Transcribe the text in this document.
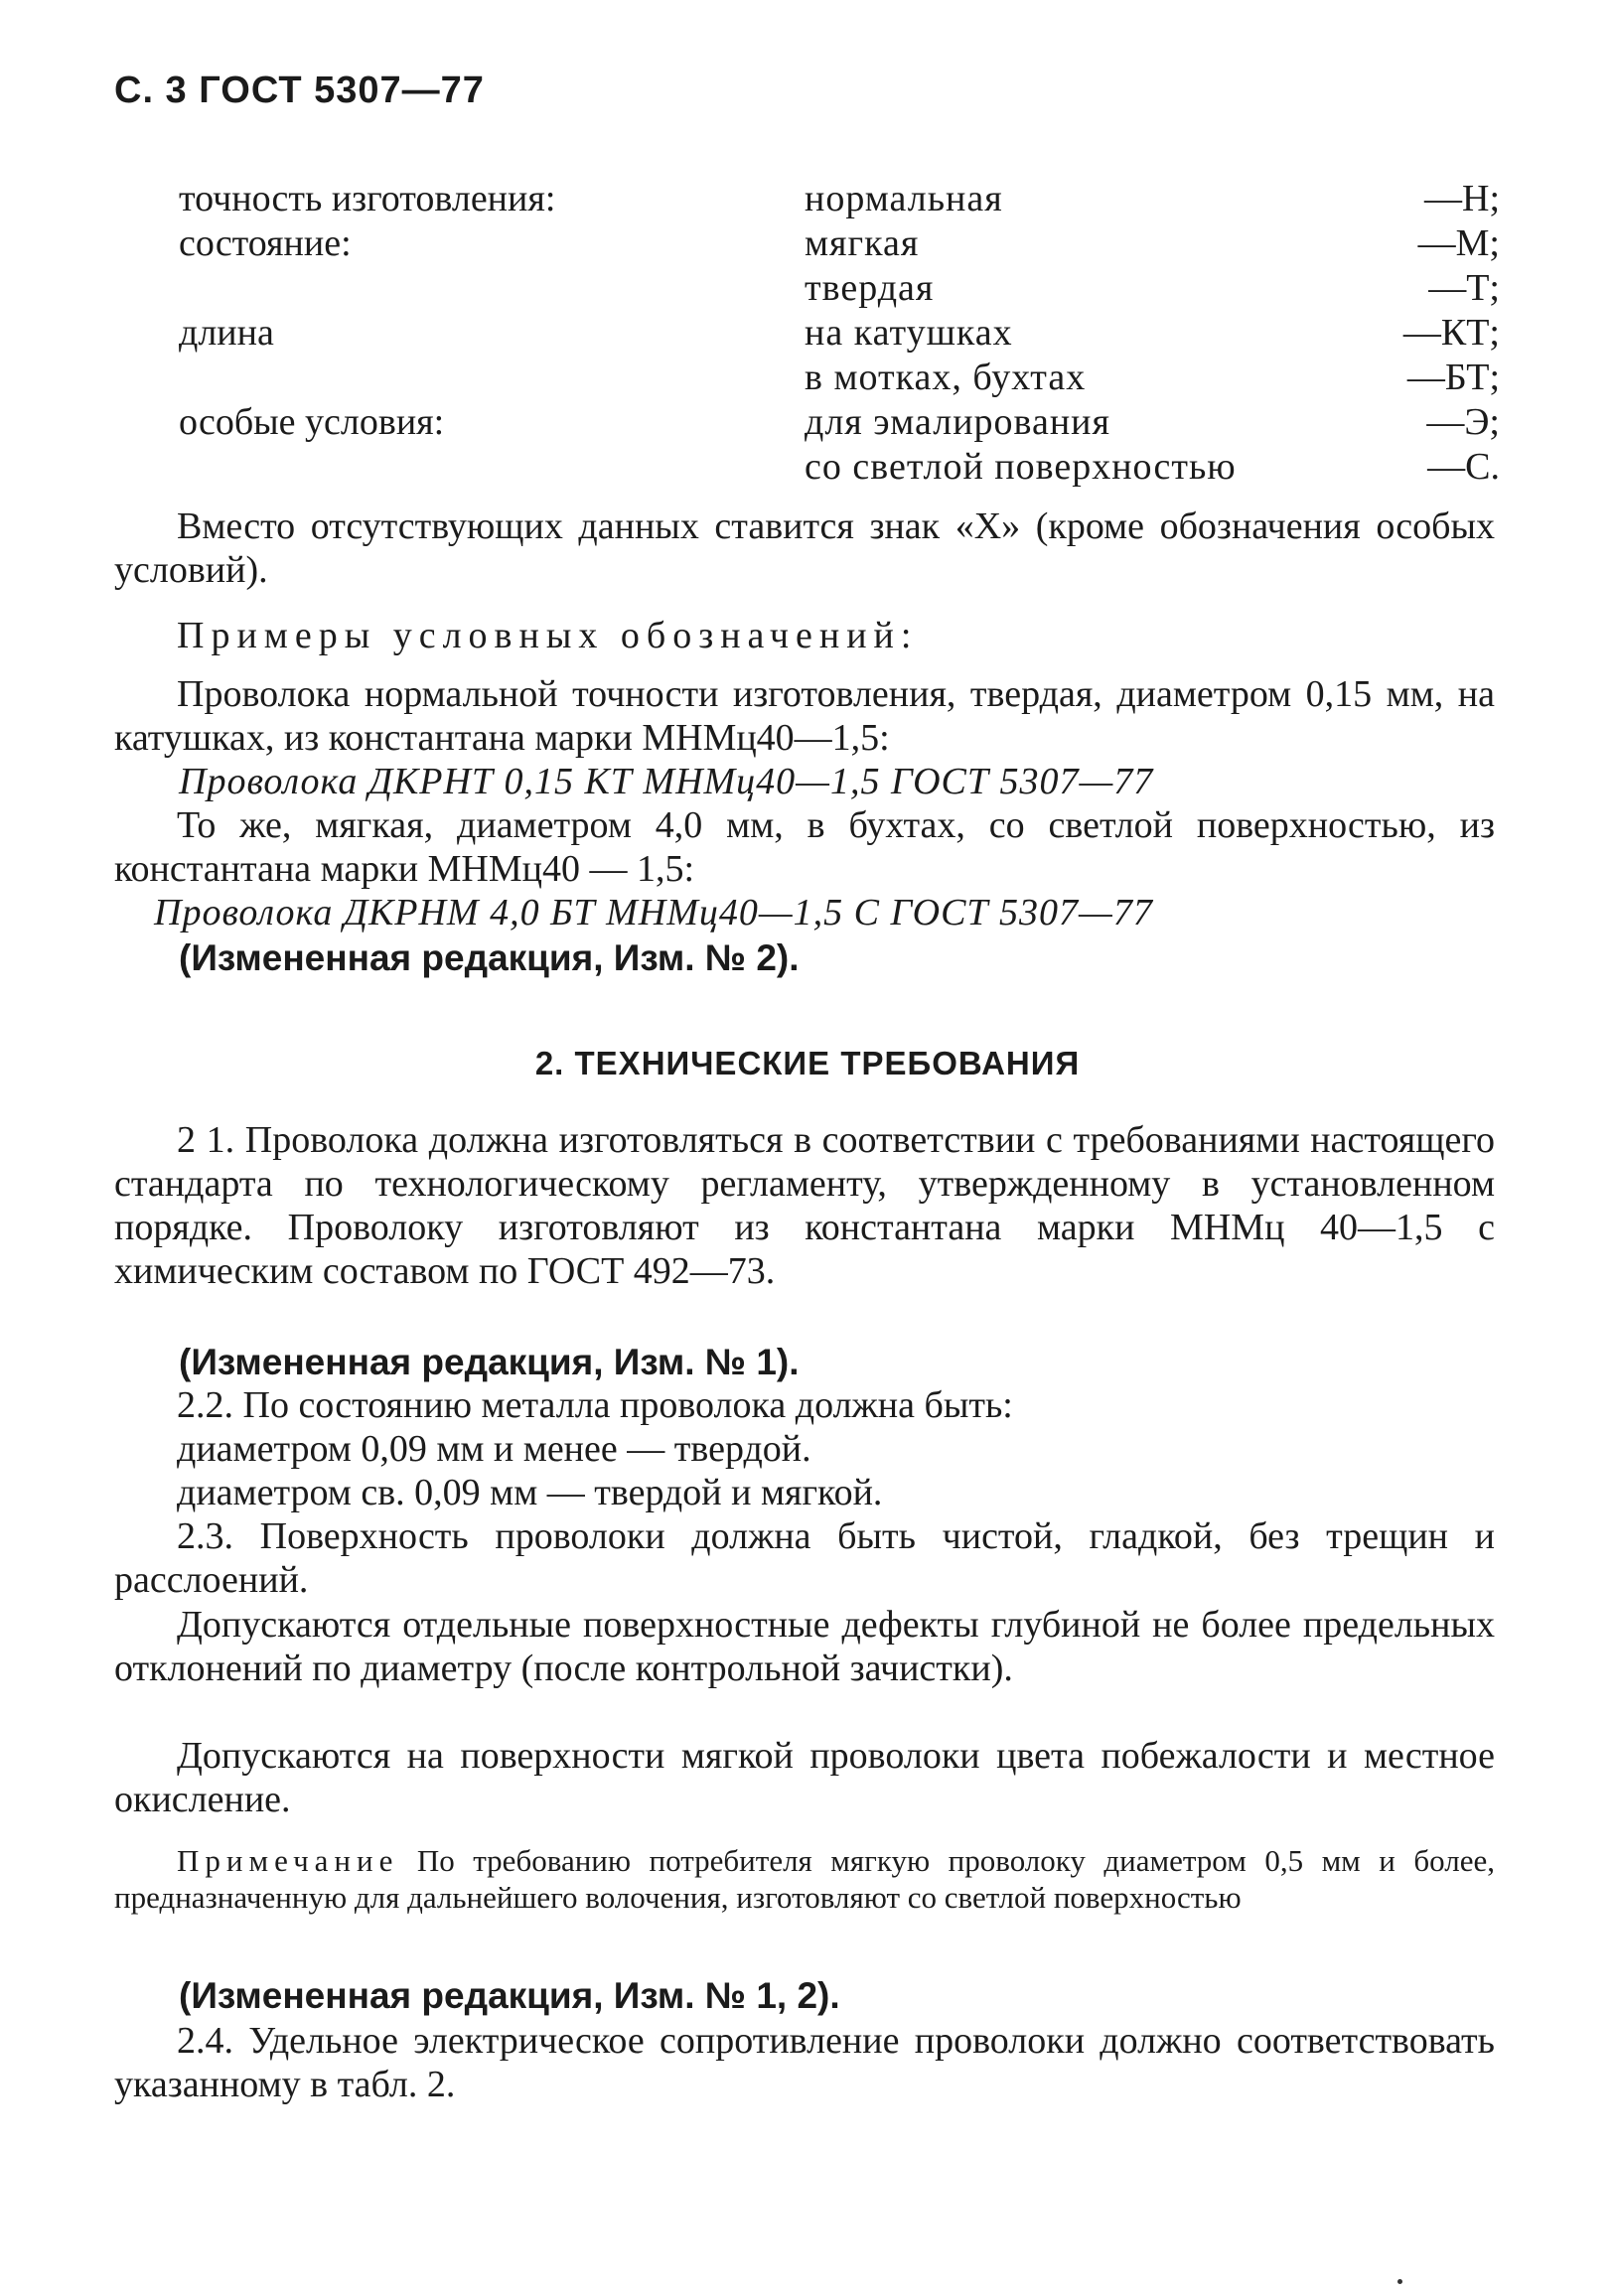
С. 3 ГОСТ 5307—77
точность изготовления:	нормальная	—Н;
состояние:	мягкая	—М;
твердая	—Т;
длина	на катушках	—КТ;
в мотках, бухтах	—БТ;
особые условия:	для эмалирования	—Э;
со светлой поверхностью	—С.
Вместо отсутствующих данных ставится знак «Х» (кроме обозначения особых условий).
Примеры условных обозначений:
Проволока нормальной точности изготовления, твердая, диаметром 0,15 мм, на катушках, из константана марки МНМц40—1,5:
Проволока ДКРНТ 0,15 КТ МНМц40—1,5 ГОСТ 5307—77
То же, мягкая, диаметром 4,0 мм, в бухтах, со светлой поверхностью, из константана марки МНМц40 — 1,5:
Проволока ДКРНМ 4,0 БТ МНМц40—1,5 С ГОСТ 5307—77
(Измененная редакция, Изм. № 2).
2. ТЕХНИЧЕСКИЕ ТРЕБОВАНИЯ
2 1. Проволока должна изготовляться в соответствии с требованиями настоящего стандарта по технологическому регламенту, утвержденному в установленном порядке. Проволоку изготовляют из константана марки МНМц 40—1,5 с химическим составом по ГОСТ 492—73.
(Измененная редакция, Изм. № 1).
2.2. По состоянию металла проволока должна быть:
диаметром 0,09 мм и менее — твердой.
диаметром св. 0,09 мм — твердой и мягкой.
2.3. Поверхность проволоки должна быть чистой, гладкой, без трещин и расслоений.
Допускаются отдельные поверхностные дефекты глубиной не более предельных отклонений по диаметру (после контрольной зачистки).
Допускаются на поверхности мягкой проволоки цвета побежалости и местное окисление.
Примечание По требованию потребителя мягкую проволоку диаметром 0,5 мм и более, предназначенную для дальнейшего волочения, изготовляют со светлой поверхностью
(Измененная редакция, Изм. № 1, 2).
2.4. Удельное электрическое сопротивление проволоки должно соответствовать указанному в табл. 2.
